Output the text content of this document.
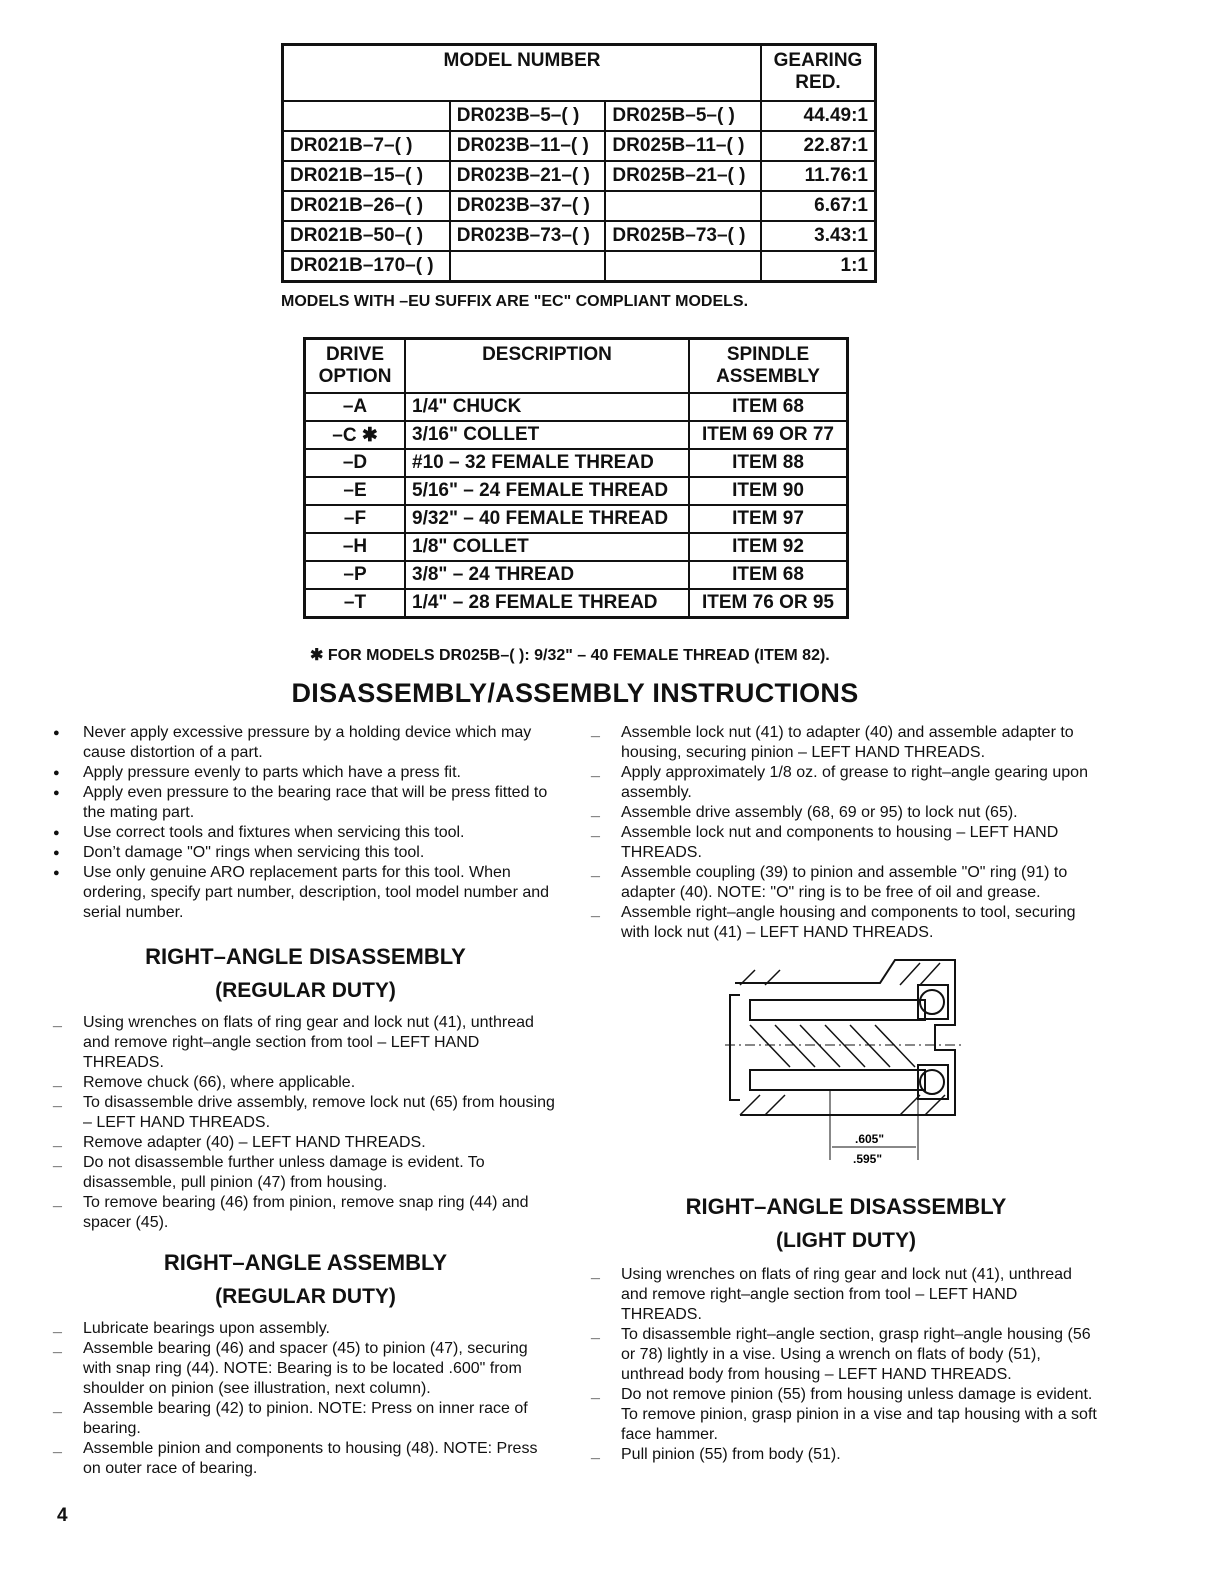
MODEL NUMBER			GEARING RED.
	DR023B–5–( )	DR025B–5–( )	44.49:1
DR021B–7–( )	DR023B–11–( )	DR025B–11–( )	22.87:1
DR021B–15–( )	DR023B–21–( )	DR025B–21–( )	11.76:1
DR021B–26–( )	DR023B–37–( )		6.67:1
DR021B–50–( )	DR023B–73–( )	DR025B–73–( )	3.43:1
DR021B–170–( )			1:1
MODELS WITH –EU SUFFIX ARE "EC" COMPLIANT MODELS.
DRIVE OPTION	DESCRIPTION	SPINDLE ASSEMBLY
–A	1/4" CHUCK	ITEM 68
–C ✱	3/16" COLLET	ITEM 69 OR 77
–D	#10 – 32 FEMALE THREAD	ITEM 88
–E	5/16" – 24 FEMALE THREAD	ITEM 90
–F	9/32" – 40 FEMALE THREAD	ITEM 97
–H	1/8" COLLET	ITEM 92
–P	3/8" – 24 THREAD	ITEM 68
–T	1/4" – 28 FEMALE THREAD	ITEM 76 OR 95
✱ FOR MODELS DR025B–( ): 9/32" – 40 FEMALE THREAD (ITEM 82).
DISASSEMBLY/ASSEMBLY INSTRUCTIONS
● Never apply excessive pressure by a holding device which may cause distortion of a part.
● Apply pressure evenly to parts which have a press fit.
● Apply even pressure to the bearing race that will be press fitted to the mating part.
● Use correct tools and fixtures when servicing this tool.
● Don’t damage "O" rings when servicing this tool.
● Use only genuine ARO replacement parts for this tool. When ordering, specify part number, description, tool model number and serial number.
RIGHT–ANGLE DISASSEMBLY
(REGULAR DUTY)
_ Using wrenches on flats of ring gear and lock nut (41), unthread and remove right–angle section from tool – LEFT HAND THREADS.
_ Remove chuck (66), where applicable.
_ To disassemble drive assembly, remove lock nut (65) from housing – LEFT HAND THREADS.
_ Remove adapter (40) – LEFT HAND THREADS.
_ Do not disassemble further unless damage is evident. To disassemble, pull pinion (47) from housing.
_ To remove bearing (46) from pinion, remove snap ring (44) and spacer (45).
RIGHT–ANGLE ASSEMBLY
(REGULAR DUTY)
_ Lubricate bearings upon assembly.
_ Assemble bearing (46) and spacer (45) to pinion (47), securing with snap ring (44). NOTE: Bearing is to be located .600" from shoulder on pinion (see illustration, next column).
_ Assemble bearing (42) to pinion. NOTE: Press on inner race of bearing.
_ Assemble pinion and components to housing (48). NOTE: Press on outer race of bearing.
_ Assemble lock nut (41) to adapter (40) and assemble adapter to housing, securing pinion – LEFT HAND THREADS.
_ Apply approximately 1/8 oz. of grease to right–angle gearing upon assembly.
_ Assemble drive assembly (68, 69 or 95) to lock nut (65).
_ Assemble lock nut and components to housing – LEFT HAND THREADS.
_ Assemble coupling (39) to pinion and assemble "O" ring (91) to adapter (40). NOTE: "O" ring is to be free of oil and grease.
_ Assemble right–angle housing and components to tool, securing with lock nut (41) – LEFT HAND THREADS.
.605"
.595"
RIGHT–ANGLE DISASSEMBLY
(LIGHT DUTY)
_ Using wrenches on flats of ring gear and lock nut (41), unthread and remove right–angle section from tool – LEFT HAND THREADS.
_ To disassemble right–angle section, grasp right–angle housing (56 or 78) lightly in a vise. Using a wrench on flats of body (51), unthread body from housing – LEFT HAND THREADS.
_ Do not remove pinion (55) from housing unless damage is evident. To remove pinion, grasp pinion in a vise and tap housing with a soft face hammer.
_ Pull pinion (55) from body (51).
4
